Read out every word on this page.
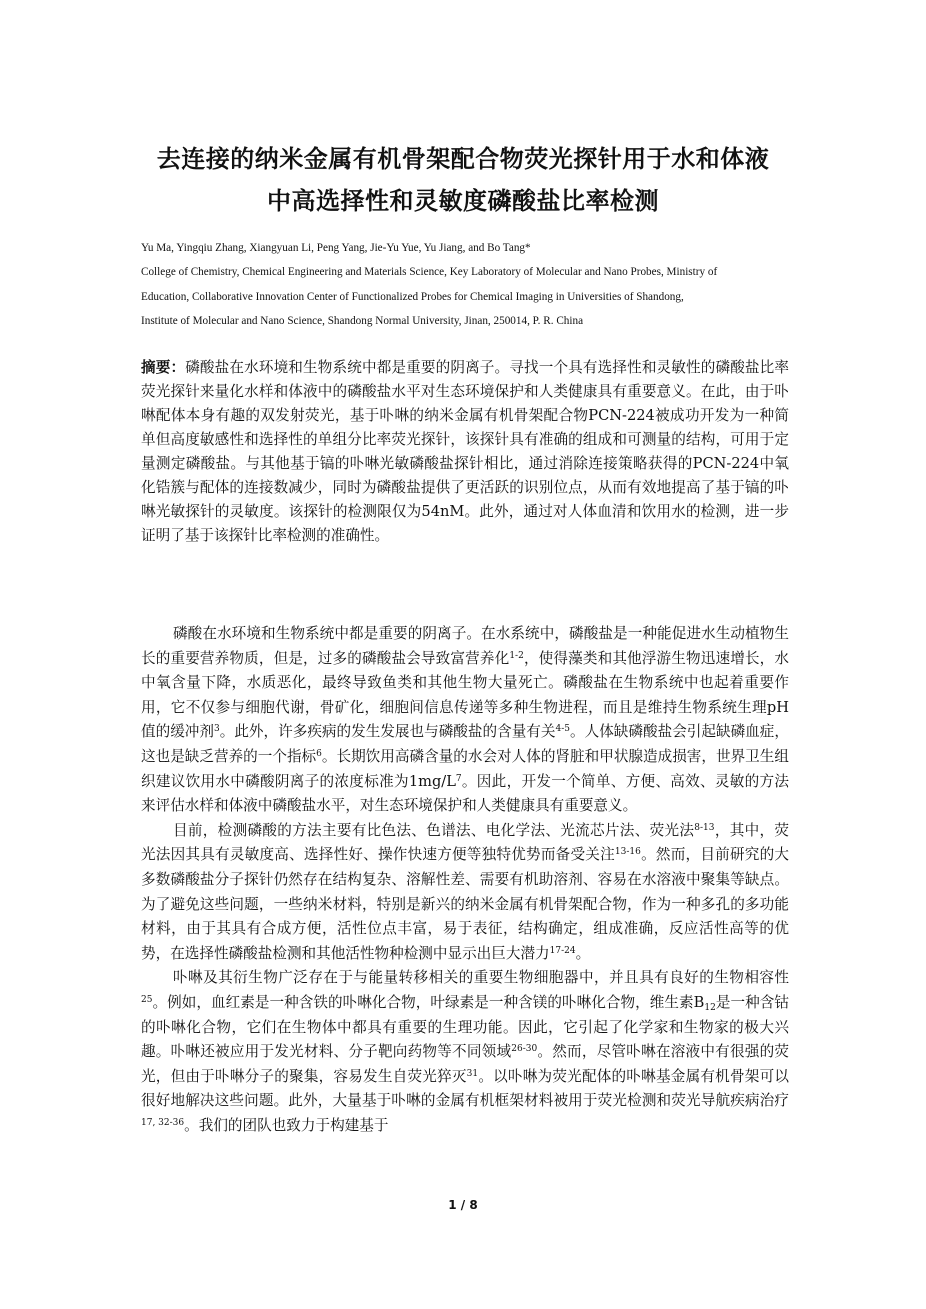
去连接的纳米金属有机骨架配合物荧光探针用于水和体液
中高选择性和灵敏度磷酸盐比率检测
Yu Ma, Yingqiu Zhang, Xiangyuan Li, Peng Yang, Jie-Yu Yue, Yu Jiang, and Bo Tang*
College of Chemistry, Chemical Engineering and Materials Science, Key Laboratory of Molecular and Nano Probes, Ministry of
Education, Collaborative Innovation Center of Functionalized Probes for Chemical Imaging in Universities of Shandong,
Institute of Molecular and Nano Science, Shandong Normal University, Jinan, 250014, P. R. China
摘要：磷酸盐在水环境和生物系统中都是重要的阴离子。寻找一个具有选择性和灵敏性的磷酸盐比率荧光探针来量化水样和体液中的磷酸盐水平对生态环境保护和人类健康具有重要意义。在此，由于卟啉配体本身有趣的双发射荧光，基于卟啉的纳米金属有机骨架配合物PCN-224被成功开发为一种简单但高度敏感性和选择性的单组分比率荧光探针，该探针具有准确的组成和可测量的结构，可用于定量测定磷酸盐。与其他基于镐的卟啉光敏磷酸盐探针相比，通过消除连接策略获得的PCN-224中氧化锆簇与配体的连接数减少，同时为磷酸盐提供了更活跃的识别位点，从而有效地提高了基于镐的卟啉光敏探针的灵敏度。该探针的检测限仅为54nM。此外，通过对人体血清和饮用水的检测，进一步证明了基于该探针比率检测的准确性。

磷酸在水环境和生物系统中都是重要的阴离子。在水系统中，磷酸盐是一种能促进水生动植物生长的重要营养物质，但是，过多的磷酸盐会导致富营养化$^{1-2}$，使得藻类和其他浮游生物迅速增长，水中氧含量下降，水质恶化，最终导致鱼类和其他生物大量死亡。磷酸盐在生物系统中也起着重要作用，它不仅参与细胞代谢，骨矿化，细胞间信息传递等多种生物进程，而且是维持生物系统生理pH值的缓冲剂$^3$。此外，许多疾病的发生发展也与磷酸盐的含量有关$^{4-5}$。人体缺磷酸盐会引起缺磷血症，这也是缺乏营养的一个指标$^6$。长期饮用高磷含量的水会对人体的肾脏和甲状腺造成损害，世界卫生组织建议饮用水中磷酸阴离子的浓度标准为$1mg/L^7$。因此，开发一个简单、方便、高效、灵敏的方法来评估水样和体液中磷酸盐水平，对生态环境保护和人类健康具有重要意义。

目前，检测磷酸的方法主要有比色法、色谱法、电化学法、光流芯片法、荧光法$^{8-13}$，其中，荧光法因其具有灵敏度高、选择性好、操作快速方便等独特优势而备受关注$^{13-16}$。然而，目前研究的大多数磷酸盐分子探针仍然存在结构复杂、溶解性差、需要有机助溶剂、容易在水溶液中聚集等缺点。为了避免这些问题，一些纳米材料，特别是新兴的纳米金属有机骨架配合物，作为一种多孔的多功能材料，由于其具有合成方便，活性位点丰富，易于表征，结构确定，组成准确，反应活性高等的优势，在选择性磷酸盐检测和其他活性物种检测中显示出巨大潜力$^{17-24}$。

卟啉及其衍生物广泛存在于与能量转移相关的重要生物细胞器中，并且具有良好的生物相容性$^{25}$。例如，血红素是一种含铁的卟啉化合物，叶绿素是一种含镁的卟啉化合物，维生素$B_{12}$是一种含钴的卟啉化合物，它们在生物体中都具有重要的生理功能。因此，它引起了化学家和生物家的极大兴趣。卟啉还被应用于发光材料、分子靶向药物等不同领域$^{26-30}$。然而，尽管卟啉在溶液中有很强的荧光，但由于卟啉分子的聚集，容易发生自荧光猝灭$^{31}$。以卟啉为荧光配体的卟啉基金属有机骨架可以很好地解决这些问题。此外，大量基于卟啉的金属有机框架材料被用于荧光检测和荧光导航疾病治疗$^{17, 32-36}$。我们的团队也致力于构建基于

1 / 8
